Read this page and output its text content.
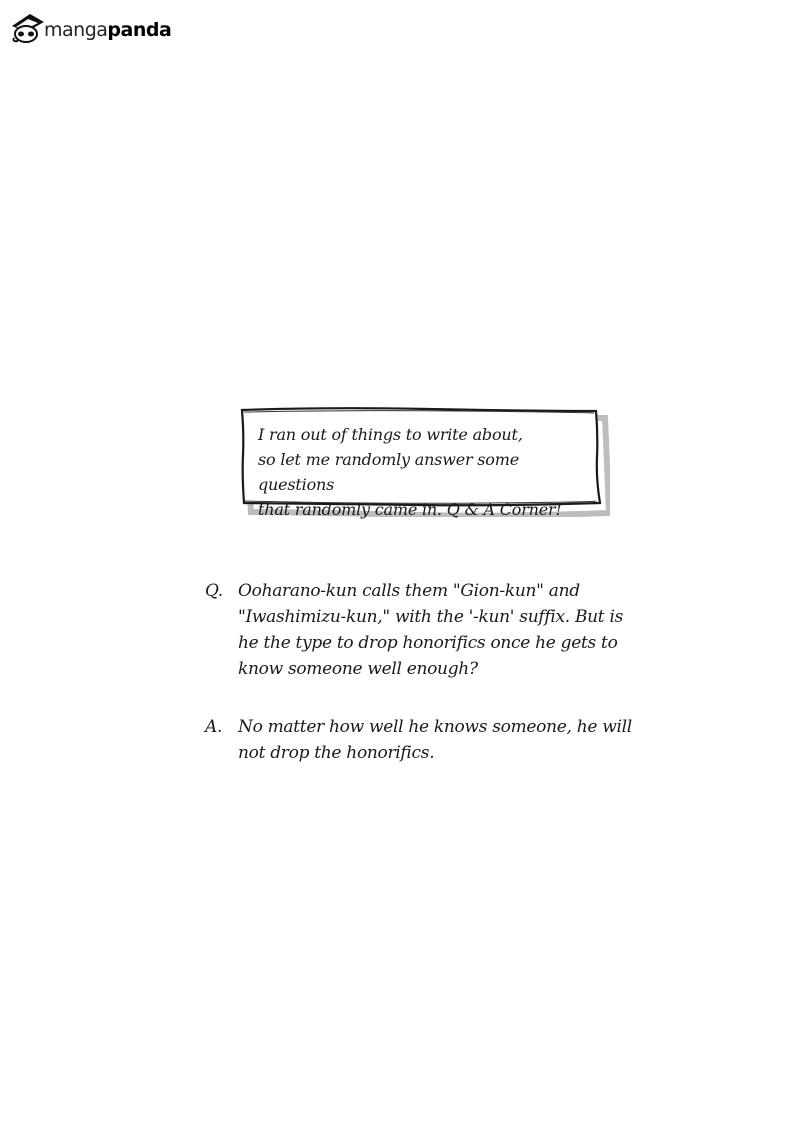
mangapanda
I ran out of things to write about,
so let me randomly answer some questions
that randomly came in. Q & A Corner!
Q. Ooharano-kun calls them "Gion-kun" and
"Iwashimizu-kun," with the '-kun' suffix. But is
he the type to drop honorifics once he gets to
know someone well enough?
A. No matter how well he knows someone, he will
not drop the honorifics.
